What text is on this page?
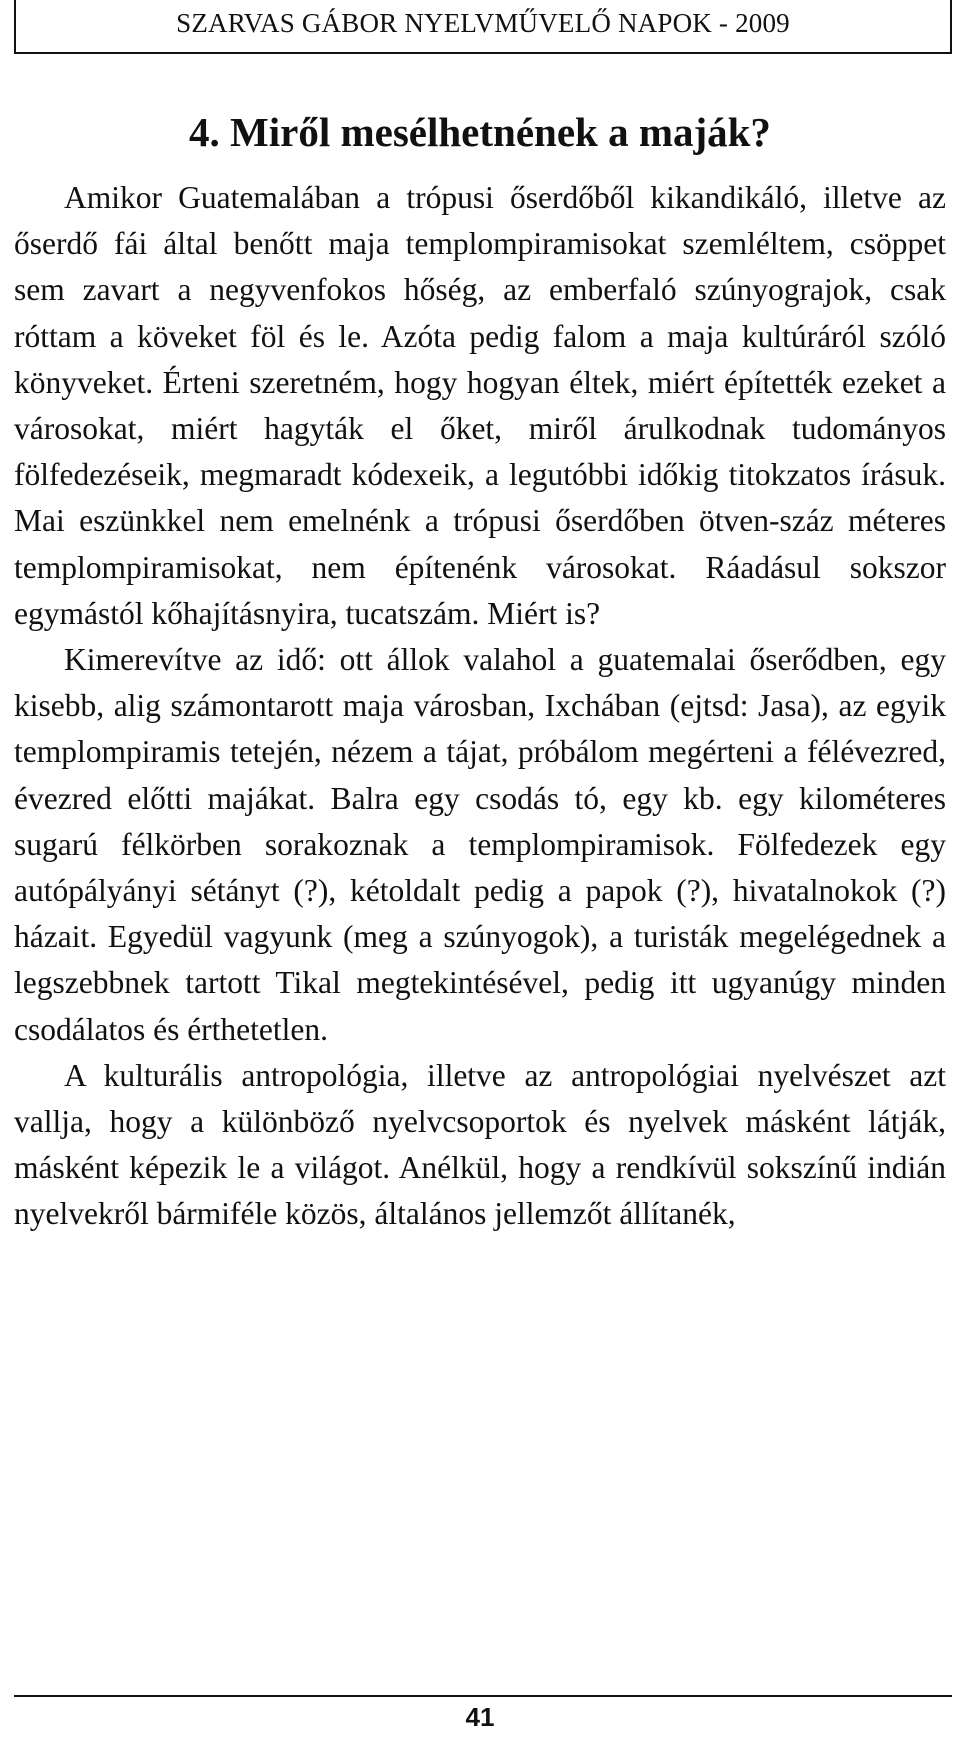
SZARVAS GÁBOR NYELVMŰVELŐ NAPOK - 2009
4. Miről mesélhetnének a maják?

Amikor Guatemalában a trópusi őserdőből kikandikáló, illetve az őserdő fái által benőtt maja templompiramisokat szemléltem, csöppet sem zavart a negyvenfokos hőség, az emberfaló szúnyograjok, csak róttam a köveket föl és le. Azóta pedig falom a maja kultúráról szóló könyveket. Érteni szeretném, hogy hogyan éltek, miért építették ezeket a városokat, miért hagyták el őket, miről árulkodnak tudományos fölfedezéseik, megmaradt kódexeik, a legutóbbi időkig titokzatos írásuk. Mai eszünkkel nem emelnénk a trópusi őserdőben ötven-száz méteres templompiramisokat, nem építenénk városokat. Ráadásul sokszor egymástól kőhajításnyira, tucatszám. Miért is?

Kimerevítve az idő: ott állok valahol a guatemalai őserődben, egy kisebb, alig számontarott maja városban, Ixchában (ejtsd: Jasa), az egyik templompiramis tetején, nézem a tájat, próbálom megérteni a félévezred, évezred előtti majákat. Balra egy csodás tó, egy kb. egy kilométeres sugarú félkörben sorakoznak a templompiramisok. Fölfedezek egy autópályányi sétányt (?), kétoldalt pedig a papok (?), hivatalnokok (?) házait. Egyedül vagyunk (meg a szúnyogok), a turisták megelégednek a legszebbnek tartott Tikal megtekintésével, pedig itt ugyanúgy minden csodálatos és érthetetlen.

A kulturális antropológia, illetve az antropológiai nyelvészet azt vallja, hogy a különböző nyelvcsoportok és nyelvek másként látják, másként képezik le a világot. Anélkül, hogy a rendkívül sokszínű indián nyelvekről bármiféle közös, általános jellemzőt állítanék,

41
